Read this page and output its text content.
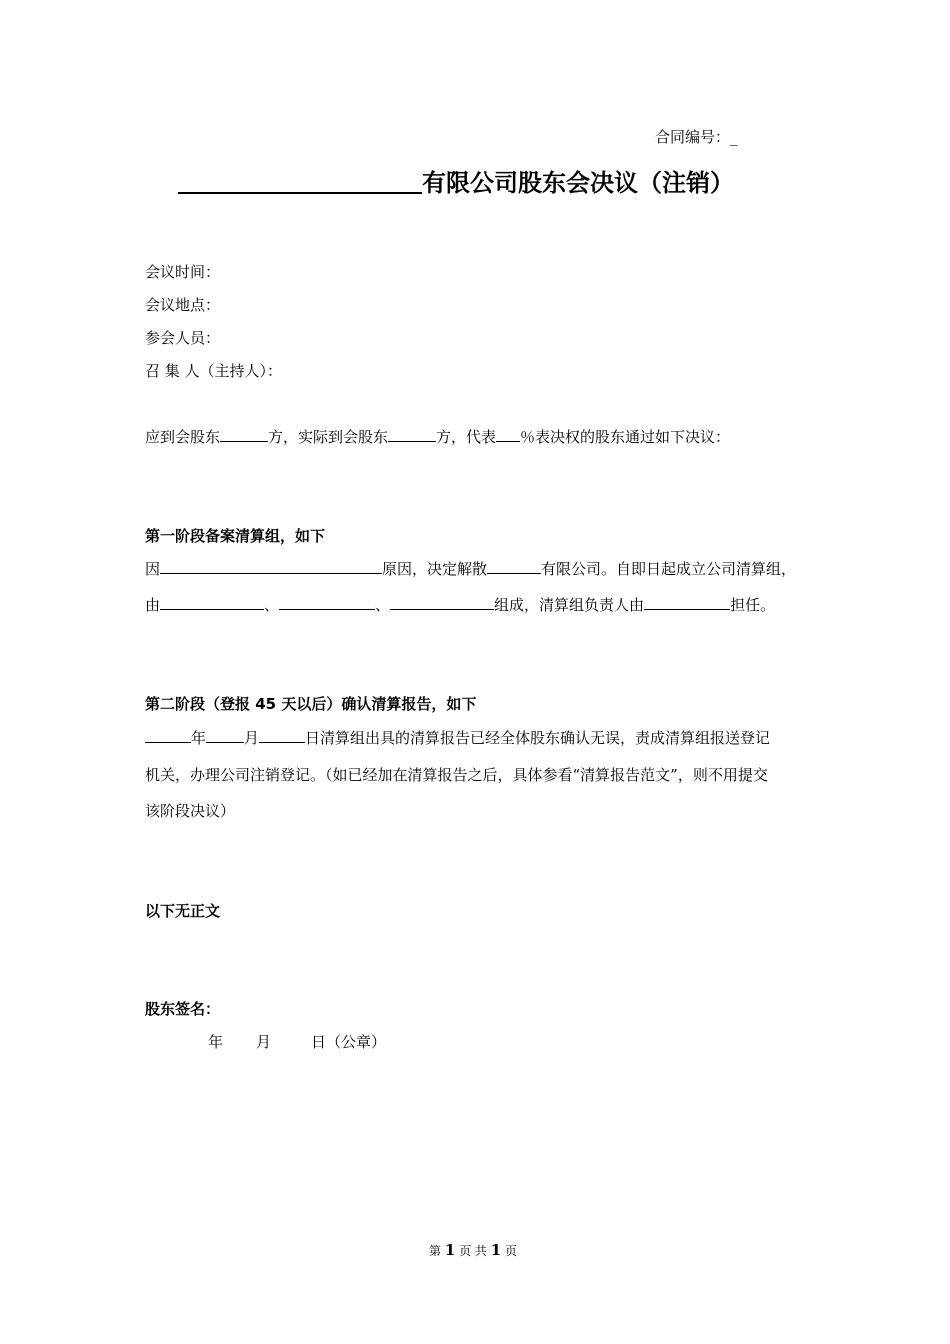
合同编号：_
有限公司股东会决议（注销）
会议时间：
会议地点：
参会人员：
召 集 人（主持人）：
应到会股东	方，实际到会股东	方，代表 ％表决权的股东通过如下决议：
第一阶段备案清算组，如下
因	原因，决定解散	有限公司。自即日起成立公司清算组，
由	、	、	组成，清算组负责人由	担任。
第二阶段（登报 45 天以后）确认清算报告，如下
年	月	日清算组出具的清算报告已经全体股东确认无误，责成清算组报送登记
机关，办理公司注销登记。（如已经加在清算报告之后，具体参看“清算报告范文”，则不用提交
该阶段决议）
以下无正文
股东签名：
年 月	日（公章）
第 1 页 共 1 页
